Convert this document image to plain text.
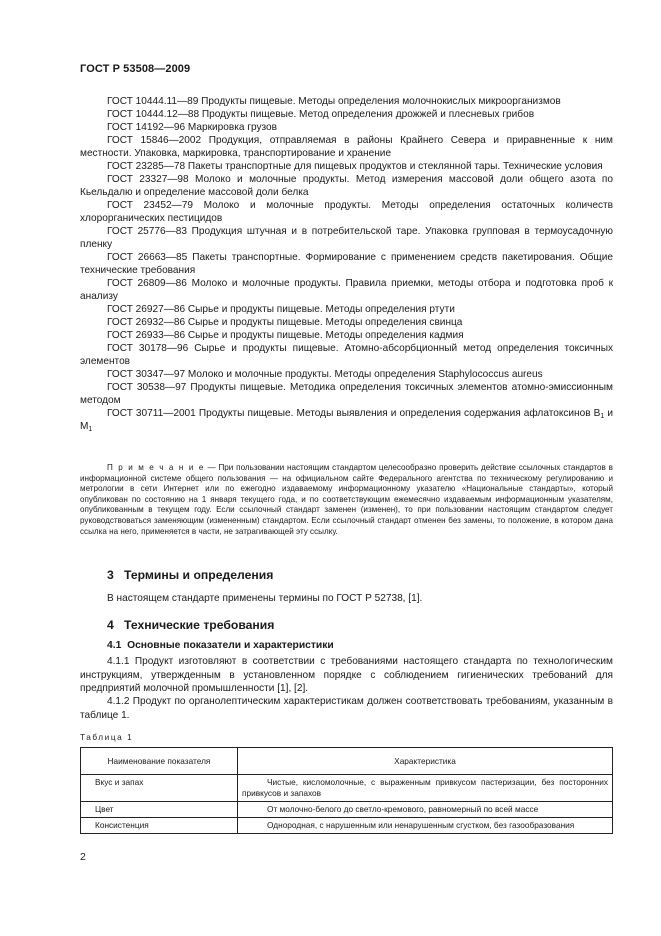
ГОСТ Р 53508—2009

ГОСТ 10444.11—89 Продукты пищевые. Методы определения молочнокислых микроорганизмов

ГОСТ 10444.12—88 Продукты пищевые. Метод определения дрожжей и плесневых грибов

ГОСТ 14192—96 Маркировка грузов

ГОСТ 15846—2002 Продукция, отправляемая в районы Крайнего Севера и приравненные к ним местности. Упаковка, маркировка, транспортирование и хранение

ГОСТ 23285—78 Пакеты транспортные для пищевых продуктов и стеклянной тары. Технические условия

ГОСТ 23327—98 Молоко и молочные продукты. Метод измерения массовой доли общего азота по Кьельдалю и определение массовой доли белка

ГОСТ 23452—79 Молоко и молочные продукты. Методы определения остаточных количеств хлорорганических пестицидов

ГОСТ 25776—83 Продукция штучная и в потребительской таре. Упаковка групповая в термоусадочную пленку

ГОСТ 26663—85 Пакеты транспортные. Формирование с применением средств пакетирования. Общие технические требования

ГОСТ 26809—86 Молоко и молочные продукты. Правила приемки, методы отбора и подготовка проб к анализу

ГОСТ 26927—86 Сырье и продукты пищевые. Методы определения ртути

ГОСТ 26932—86 Сырье и продукты пищевые. Методы определения свинца

ГОСТ 26933—86 Сырье и продукты пищевые. Методы определения кадмия

ГОСТ 30178—96 Сырье и продукты пищевые. Атомно-абсорбционный метод определения токсичных элементов

ГОСТ 30347—97 Молоко и молочные продукты. Методы определения Staphylococcus aureus

ГОСТ 30538—97 Продукты пищевые. Методика определения токсичных элементов атомно-эмиссионным методом

ГОСТ 30711—2001 Продукты пищевые. Методы выявления и определения содержания афлатоксинов $В_1$ и $М_1$

П р и м е ч а н и е — При пользовании настоящим стандартом целесообразно проверить действие ссылочных стандартов в информационной системе общего пользования — на официальном сайте Федерального агентства по техническому регулированию и метрологии в сети Интернет или по ежегодно издаваемому информационному указателю «Национальные стандарты», который опубликован по состоянию на 1 января текущего года, и по соответствующим ежемесячно издаваемым информационным указателям, опубликованным в текущем году. Если ссылочный стандарт заменен (изменен), то при пользовании настоящим стандартом следует руководствоваться заменяющим (измененным) стандартом. Если ссылочный стандарт отменен без замены, то положение, в котором дана ссылка на него, применяется в части, не затрагивающей эту ссылку.

3 Термины и определения

В настоящем стандарте применены термины по ГОСТ Р 52738, [1].

4 Технические требования
4.1 Основные показатели и характеристики

4.1.1 Продукт изготовляют в соответствии с требованиями настоящего стандарта по технологическим инструкциям, утвержденным в установленном порядке с соблюдением гигиенических требований для предприятий молочной промышленности [1], [2].

4.1.2 Продукт по органолептическим характеристикам должен соответствовать требованиям, указанным в таблице 1.

Таблица 1
Наименование показателя	Характеристика
Вкус и запах	Чистые, кисломолочные, с выраженным привкусом пастеризации, без посторонних привкусов и запахов
Цвет	От молочно-белого до светло-кремового, равномерный по всей массе
Консистенция	Однородная, с нарушенным или ненарушенным сгустком, без газообразования
2
